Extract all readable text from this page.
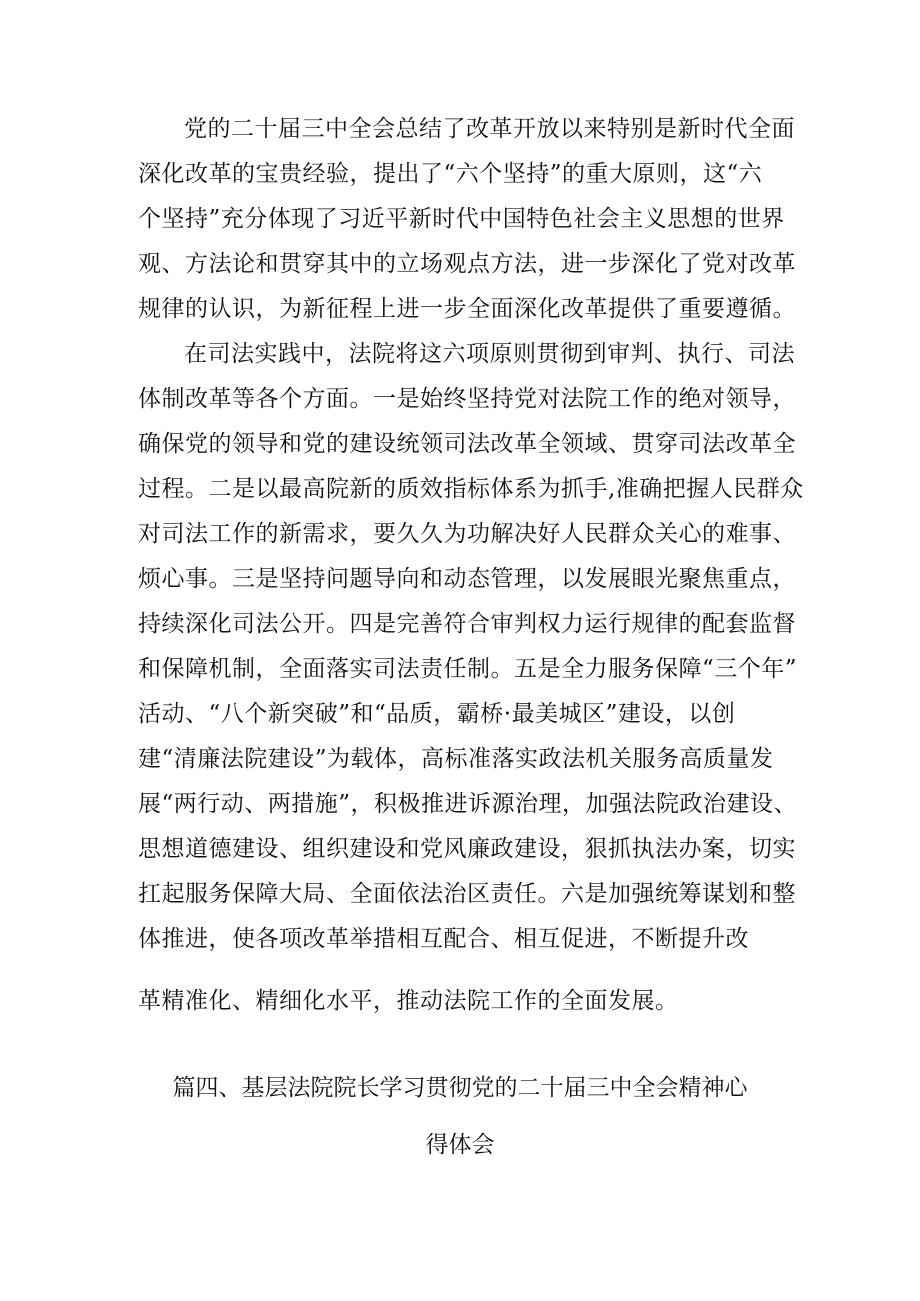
党的二十届三中全会总结了改革开放以来特别是新时代全面
深化改革的宝贵经验，提出了“六个坚持”的重大原则，这“六
个坚持”充分体现了习近平新时代中国特色社会主义思想的世界
观、方法论和贯穿其中的立场观点方法，进一步深化了党对改革
规律的认识，为新征程上进一步全面深化改革提供了重要遵循。
在司法实践中，法院将这六项原则贯彻到审判、执行、司法
体制改革等各个方面。一是始终坚持党对法院工作的绝对领导，
确保党的领导和党的建设统领司法改革全领域、贯穿司法改革全
过程。二是以最高院新的质效指标体系为抓手,准确把握人民群众
对司法工作的新需求，要久久为功解决好人民群众关心的难事、
烦心事。三是坚持问题导向和动态管理，以发展眼光聚焦重点，
持续深化司法公开。四是完善符合审判权力运行规律的配套监督
和保障机制，全面落实司法责任制。五是全力服务保障“三个年”
活动、“八个新突破”和“品质，霸桥·最美城区”建设，以创
建“清廉法院建设”为载体，高标准落实政法机关服务高质量发
展“两行动、两措施”，积极推进诉源治理，加强法院政治建设、
思想道德建设、组织建设和党风廉政建设，狠抓执法办案，切实
扛起服务保障大局、全面依法治区责任。六是加强统筹谋划和整
体推进，使各项改革举措相互配合、相互促进，不断提升改
革精准化、精细化水平，推动法院工作的全面发展。
篇四、基层法院院长学习贯彻党的二十届三中全会精神心
得体会
